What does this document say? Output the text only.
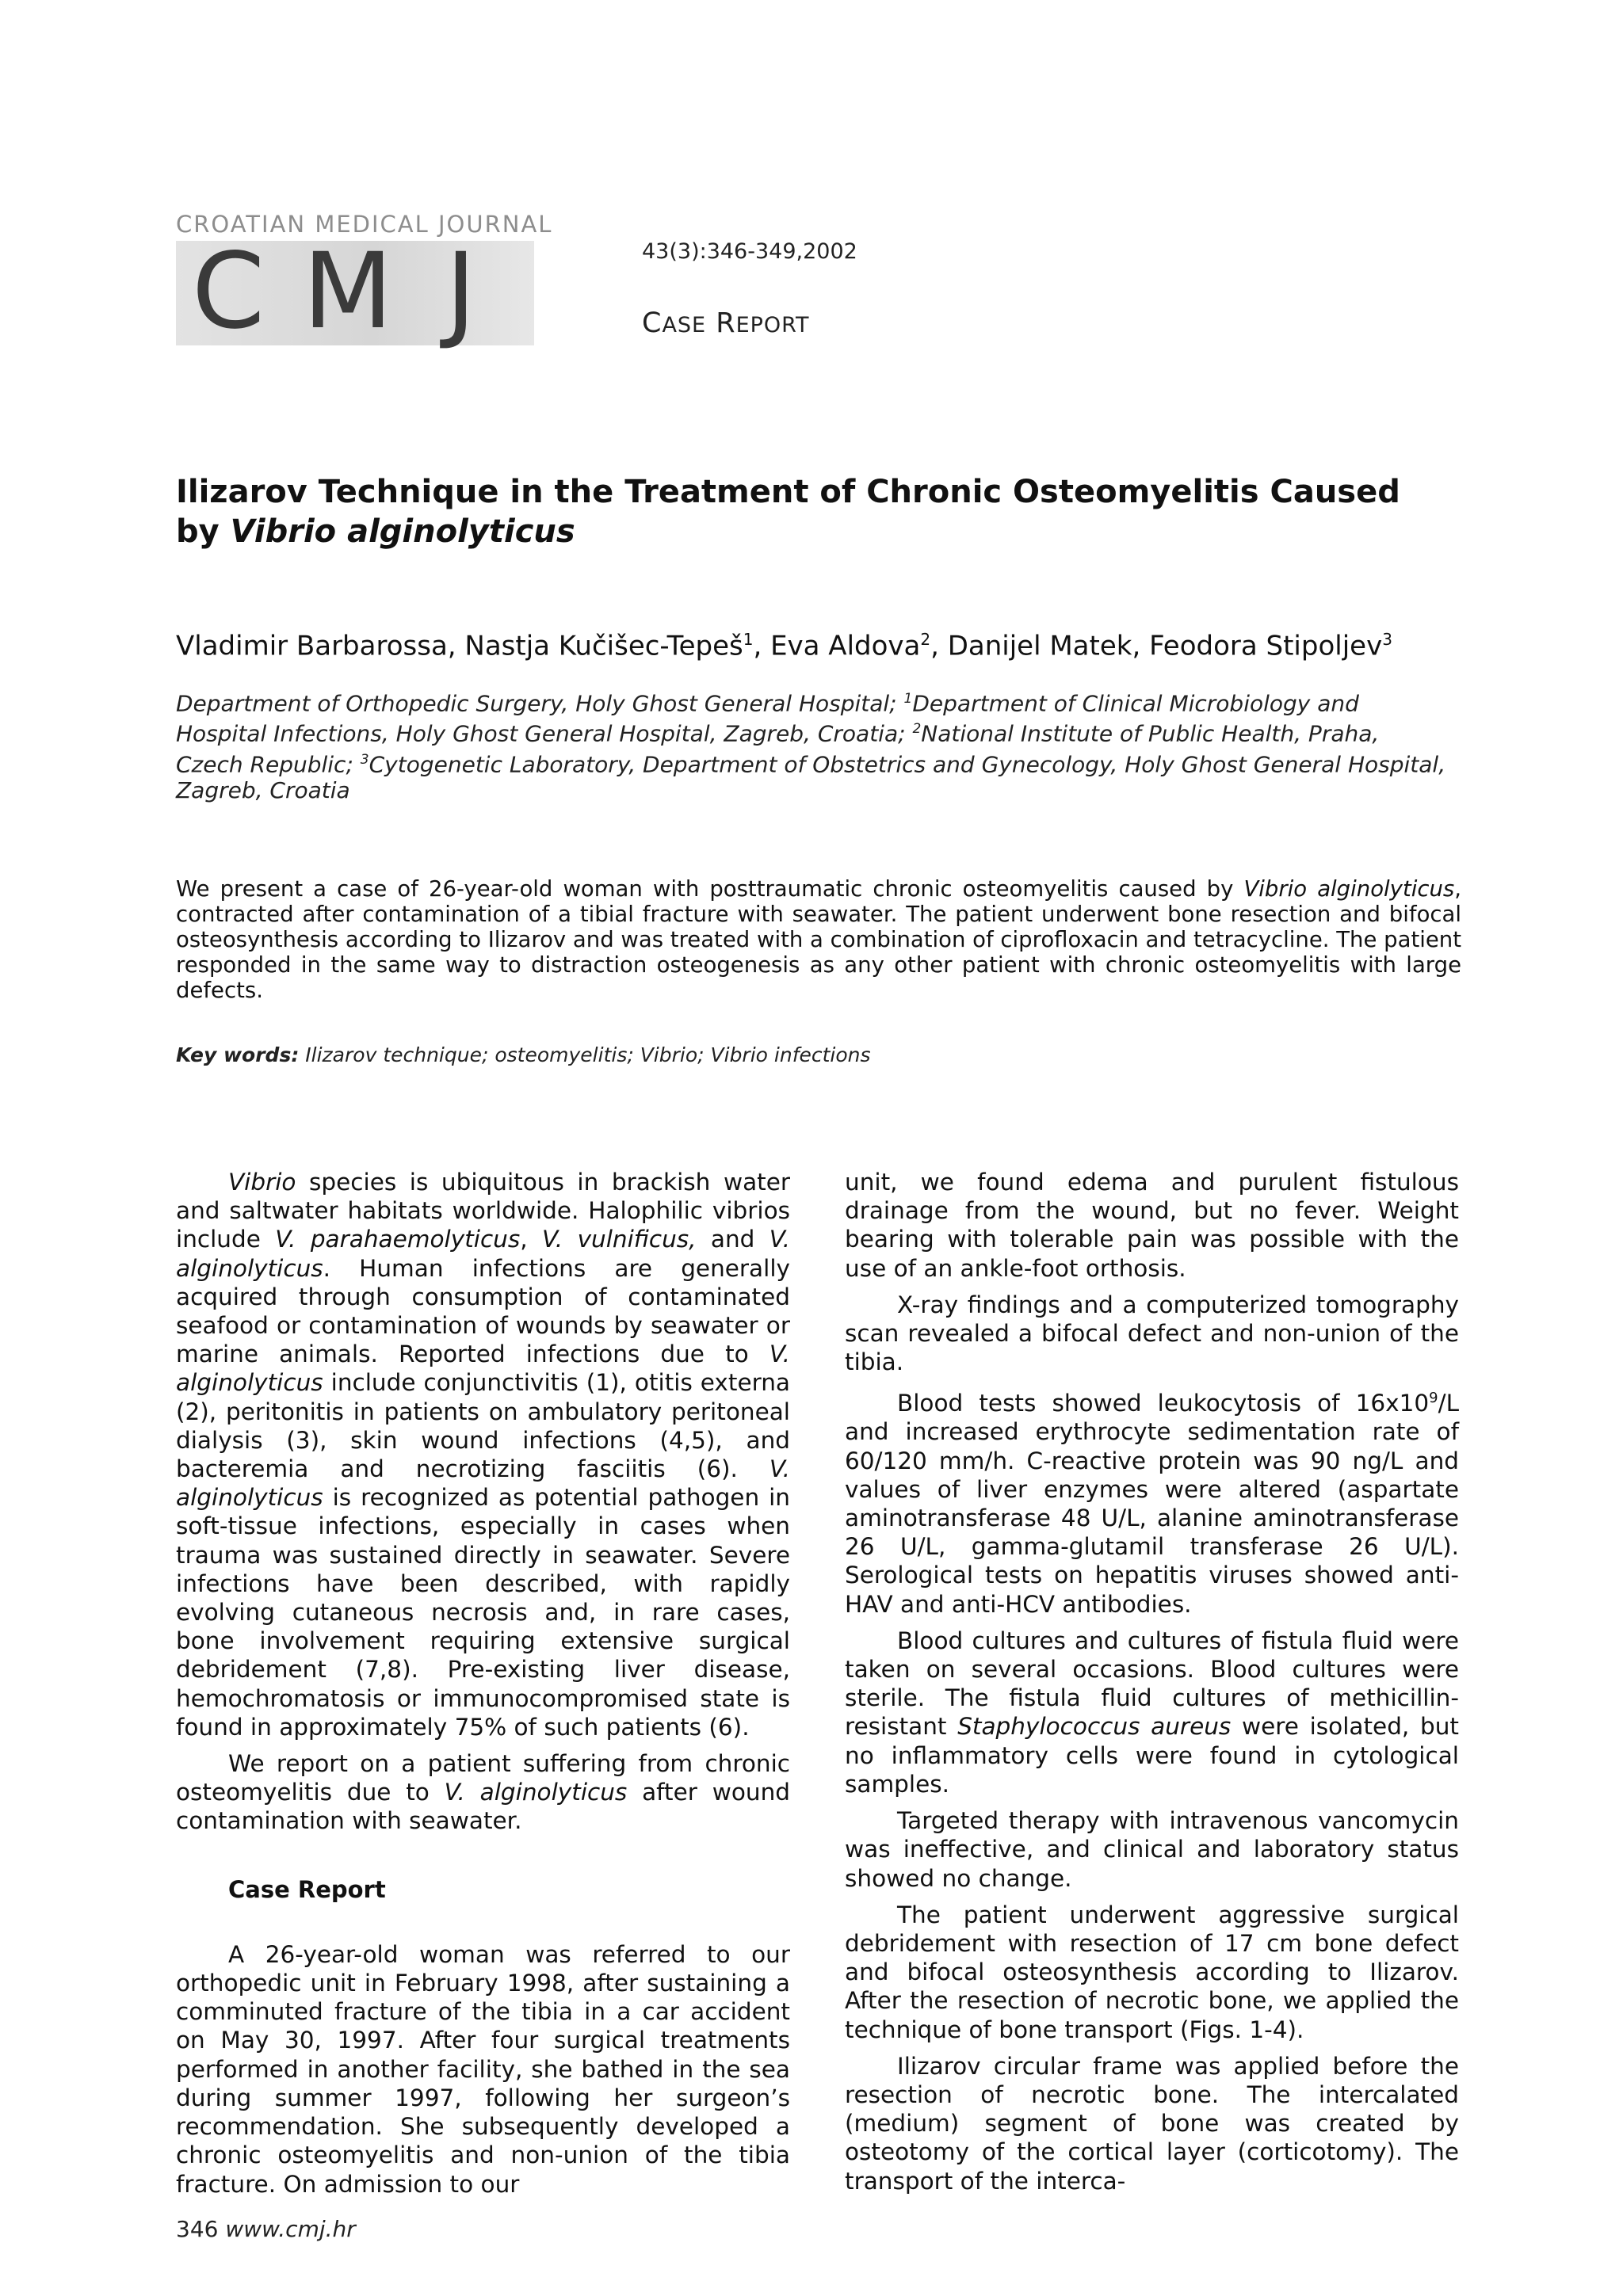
CROATIAN MEDICAL JOURNAL
C M J	43(3):346-349,2002
CASE REPORT
Ilizarov Technique in the Treatment of Chronic Osteomyelitis Caused by Vibrio alginolyticus
Vladimir Barbarossa, Nastja Kučišec-Tepeš$^1$, Eva Aldova$^2$, Danijel Matek, Feodora Stipoljev$^3$
Department of Orthopedic Surgery, Holy Ghost General Hospital; $^1$Department of Clinical Microbiology and Hospital Infections, Holy Ghost General Hospital, Zagreb, Croatia; $^2$National Institute of Public Health, Praha, Czech Republic; $^3$Cytogenetic Laboratory, Department of Obstetrics and Gynecology, Holy Ghost General Hospital, Zagreb, Croatia
We present a case of 26-year-old woman with posttraumatic chronic osteomyelitis caused by Vibrio alginolyticus, contracted after contamination of a tibial fracture with seawater. The patient underwent bone resection and bifocal osteosynthesis according to Ilizarov and was treated with a combination of ciprofloxacin and tetracycline. The patient responded in the same way to distraction osteogenesis as any other patient with chronic osteomyelitis with large defects.
Key words: Ilizarov technique; osteomyelitis; Vibrio; Vibrio infections

Vibrio species is ubiquitous in brackish water and saltwater habitats worldwide. Halophilic vibrios include V. parahaemolyticus, V. vulnificus, and V. alginolyticus. Human infections are generally acquired through consumption of contaminated seafood or contamination of wounds by seawater or marine animals. Reported infections due to V. alginolyticus include conjunctivitis (1), otitis externa (2), peritonitis in patients on ambulatory peritoneal dialysis (3), skin wound infections (4,5), and bacteremia and necrotizing fasciitis (6). V. alginolyticus is recognized as potential pathogen in soft-tissue infections, especially in cases when trauma was sustained directly in seawater. Severe infections have been described, with rapidly evolving cutaneous necrosis and, in rare cases, bone involvement requiring extensive surgical debridement (7,8). Pre-existing liver disease, hemochromatosis or immunocompromised state is found in approximately 75% of such patients (6).

We report on a patient suffering from chronic osteomyelitis due to V. alginolyticus after wound contamination with seawater.

Case Report

A 26-year-old woman was referred to our orthopedic unit in February 1998, after sustaining a comminuted fracture of the tibia in a car accident on May 30, 1997. After four surgical treatments performed in another facility, she bathed in the sea during summer 1997, following her surgeon’s recommendation. She subsequently developed a chronic osteomyelitis and non-union of the tibia fracture. On admission to our

unit, we found edema and purulent fistulous drainage from the wound, but no fever. Weight bearing with tolerable pain was possible with the use of an ankle-foot orthosis.

X-ray findings and a computerized tomography scan revealed a bifocal defect and non-union of the tibia.

Blood tests showed leukocytosis of $16x10^9/L$ and increased erythrocyte sedimentation rate of 60/120 mm/h. C-reactive protein was 90 ng/L and values of liver enzymes were altered (aspartate aminotransferase 48 U/L, alanine aminotransferase 26 U/L, gamma-glutamil transferase 26 U/L). Serological tests on hepatitis viruses showed anti-HAV and anti-HCV antibodies.

Blood cultures and cultures of fistula fluid were taken on several occasions. Blood cultures were sterile. The fistula fluid cultures of methicillin-resistant Staphylococcus aureus were isolated, but no inflammatory cells were found in cytological samples.

Targeted therapy with intravenous vancomycin was ineffective, and clinical and laboratory status showed no change.

The patient underwent aggressive surgical debridement with resection of 17 cm bone defect and bifocal osteosynthesis according to Ilizarov. After the resection of necrotic bone, we applied the technique of bone transport (Figs. 1-4).

Ilizarov circular frame was applied before the resection of necrotic bone. The intercalated (medium) segment of bone was created by osteotomy of the cortical layer (corticotomy). The transport of the interca-

346 www.cmj.hr
